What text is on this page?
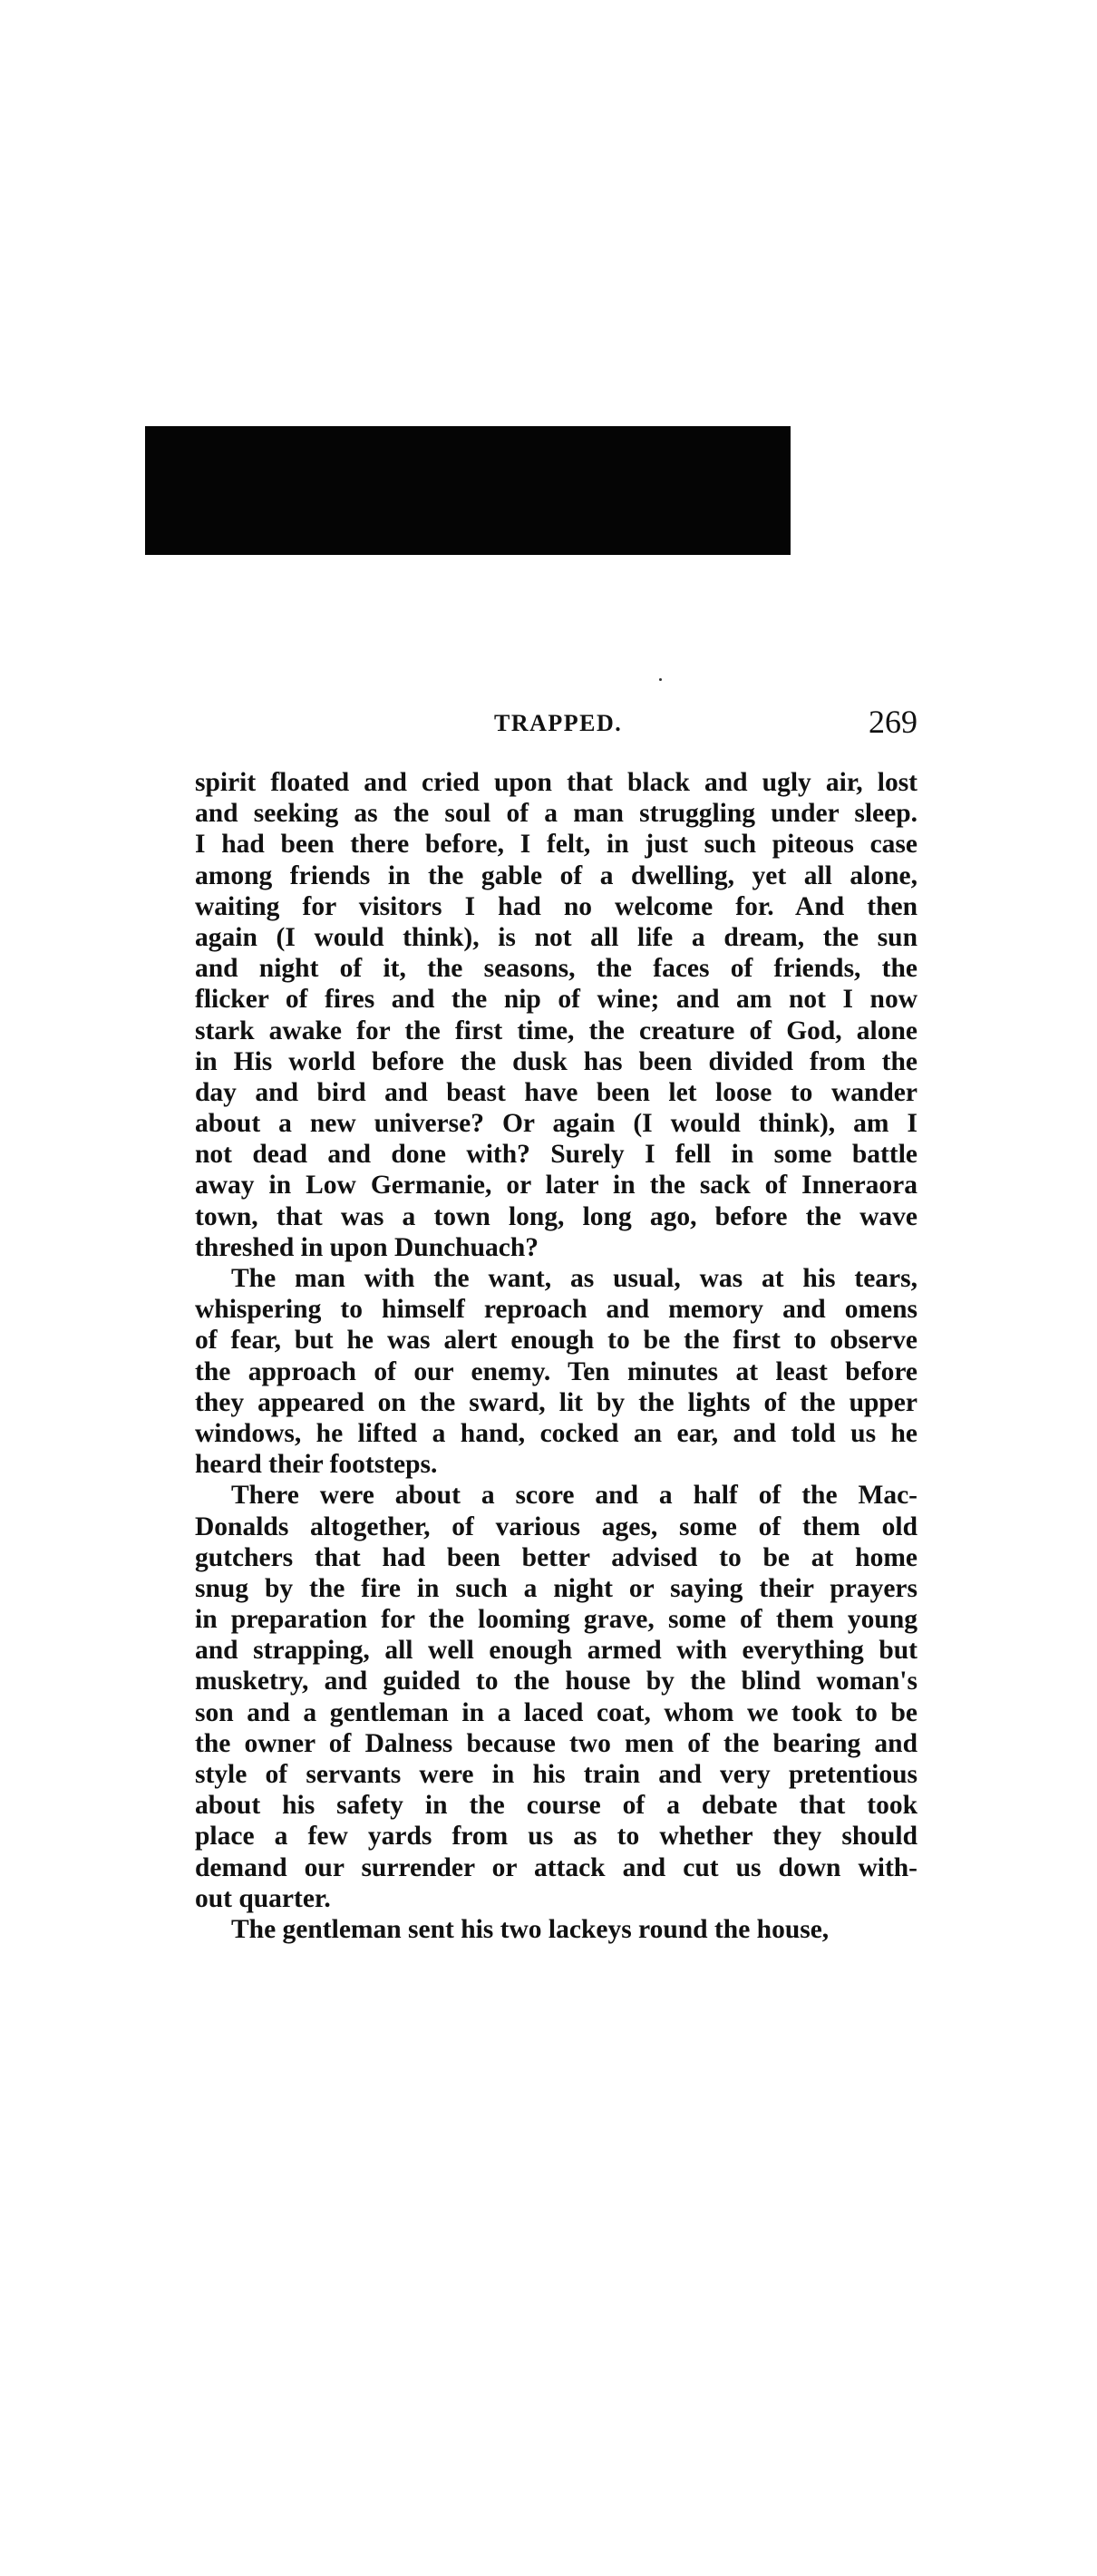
TRAPPED.	269
spirit floated and cried upon that black and ugly air, lost
and seeking as the soul of a man struggling under sleep.
I had been there before, I felt, in just such piteous case
among friends in the gable of a dwelling, yet all alone,
waiting for visitors I had no welcome for. And then
again (I would think), is not all life a dream, the sun
and night of it, the seasons, the faces of friends, the
flicker of fires and the nip of wine; and am not I now
stark awake for the first time, the creature of God, alone
in His world before the dusk has been divided from the
day and bird and beast have been let loose to wander
about a new universe? Or again (I would think), am I
not dead and done with? Surely I fell in some battle
away in Low Germanie, or later in the sack of Inneraora
town, that was a town long, long ago, before the wave
threshed in upon Dunchuach?
The man with the want, as usual, was at his tears,
whispering to himself reproach and memory and omens
of fear, but he was alert enough to be the first to observe
the approach of our enemy. Ten minutes at least before
they appeared on the sward, lit by the lights of the upper
windows, he lifted a hand, cocked an ear, and told us he
heard their footsteps.
There were about a score and a half of the Mac-
Donalds altogether, of various ages, some of them old
gutchers that had been better advised to be at home
snug by the fire in such a night or saying their prayers
in preparation for the looming grave, some of them young
and strapping, all well enough armed with everything but
musketry, and guided to the house by the blind woman's
son and a gentleman in a laced coat, whom we took to be
the owner of Dalness because two men of the bearing and
style of servants were in his train and very pretentious
about his safety in the course of a debate that took
place a few yards from us as to whether they should
demand our surrender or attack and cut us down with-
out quarter.
The gentleman sent his two lackeys round the house,
